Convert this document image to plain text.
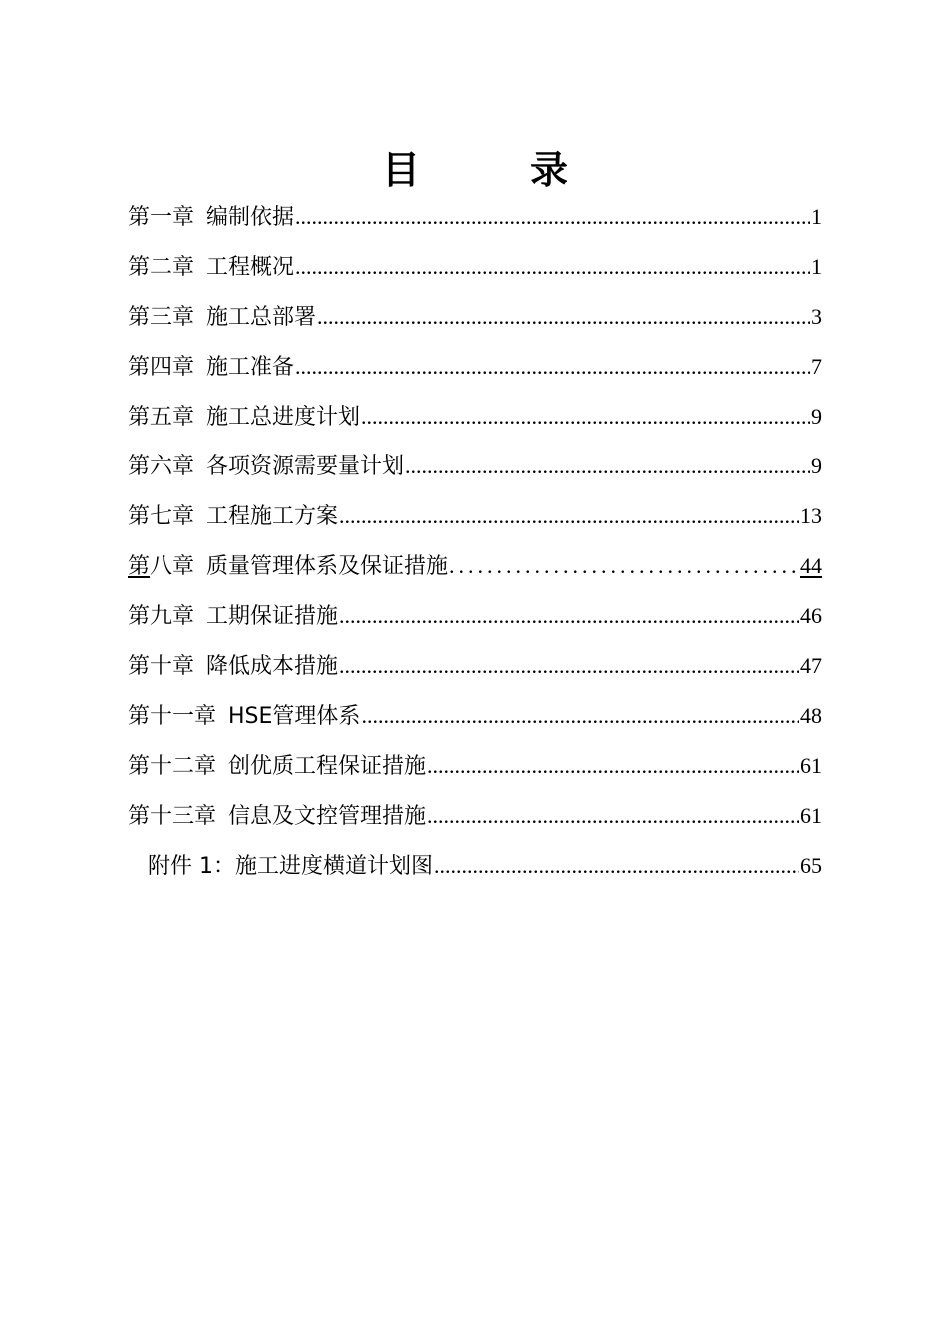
目　录
第一章 编制依据 .....	1
第二章 工程概况 .....	1
第三章 施工总部署 .....	3
第四章 施工准备 .....	7
第五章 施工总进度计划 .....	9
第六章 各项资源需要量计划 .....	9
第七章 工程施工方案 .....	13
第八章 质量管理体系及保证措施 .....	44
第九章 工期保证措施 .....	46
第十章 降低成本措施 .....	47
第十一章 HSE管理体系 .....	48
第十二章 创优质工程保证措施 .....	61
第十三章 信息及文控管理措施 .....	61
附件 1：施工进度横道计划图 .....	65
